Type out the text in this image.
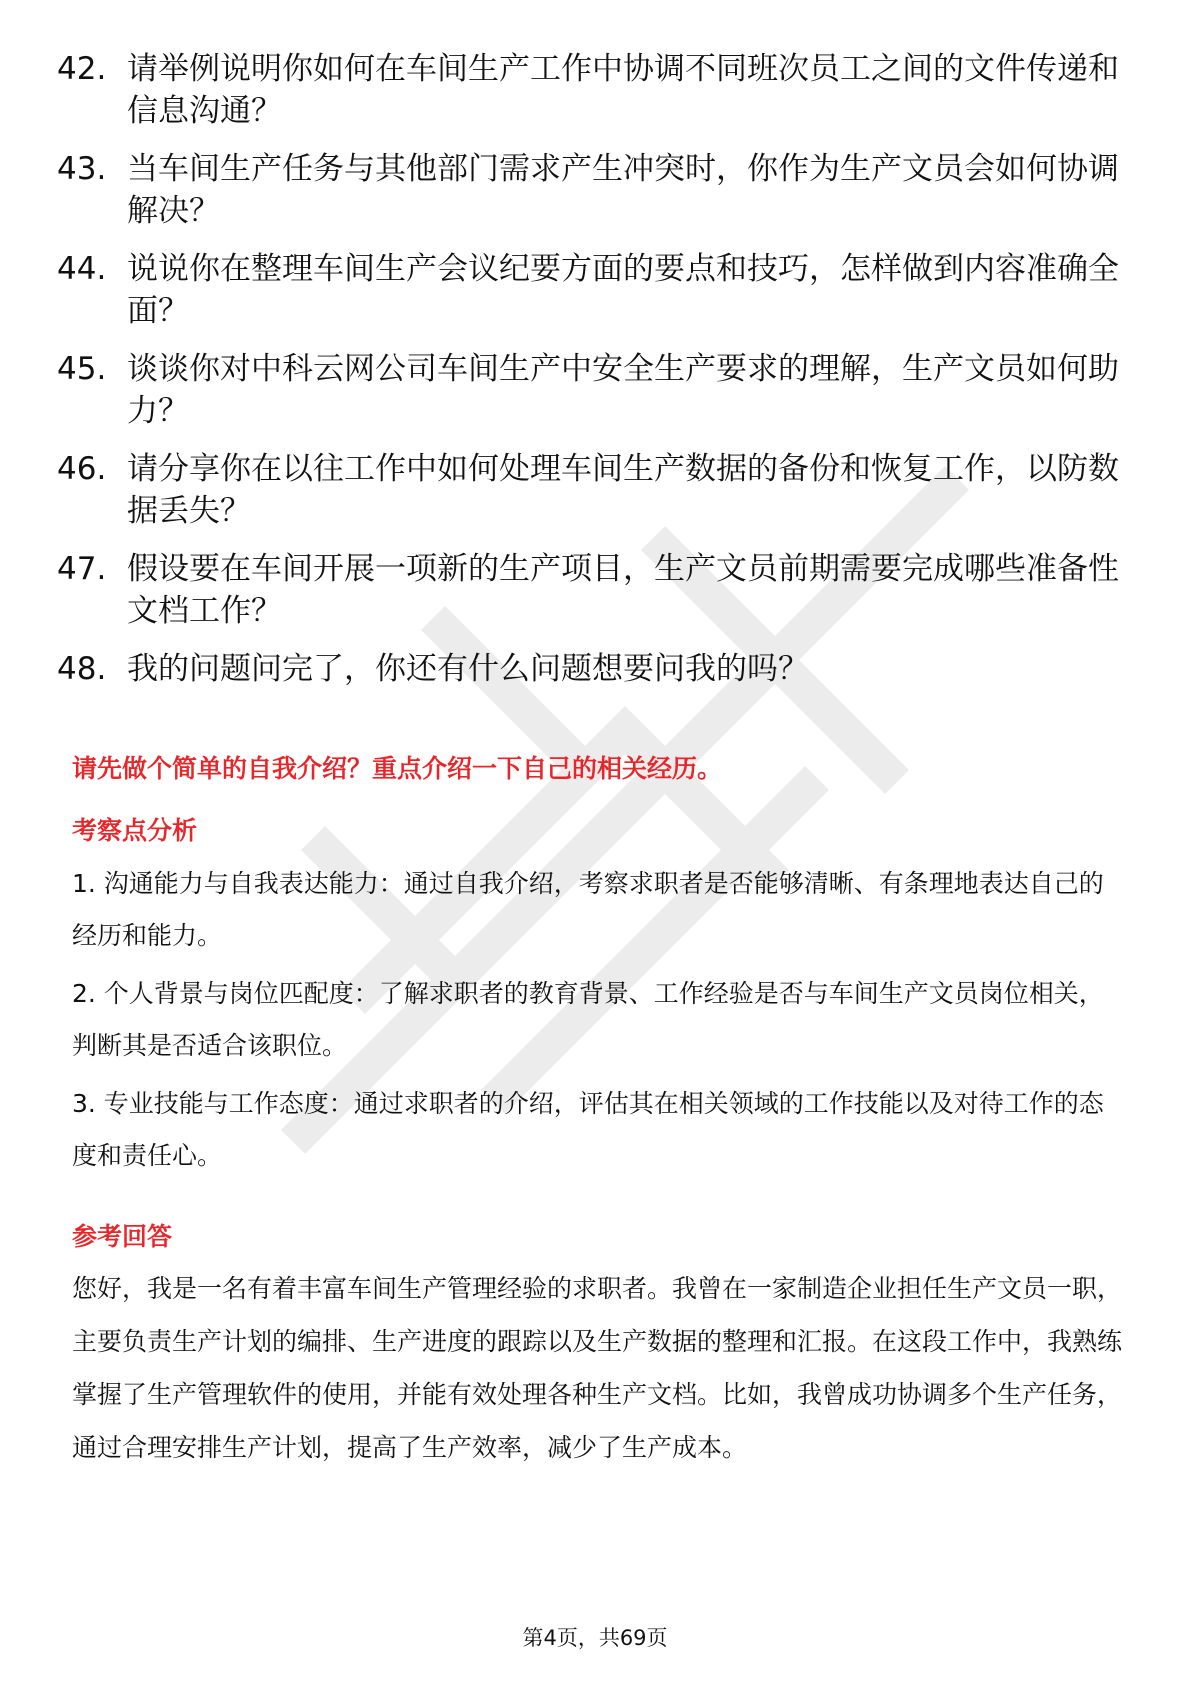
42. 请举例说明你如何在车间生产工作中协调不同班次员工之间的文件传递和信息沟通？
43. 当车间生产任务与其他部门需求产生冲突时，你作为生产文员会如何协调解决？
44. 说说你在整理车间生产会议纪要方面的要点和技巧，怎样做到内容准确全面？
45. 谈谈你对中科云网公司车间生产中安全生产要求的理解，生产文员如何助力？
46. 请分享你在以往工作中如何处理车间生产数据的备份和恢复工作，以防数据丢失？
47. 假设要在车间开展一项新的生产项目，生产文员前期需要完成哪些准备性文档工作？
48. 我的问题问完了，你还有什么问题想要问我的吗？
请先做个简单的自我介绍？重点介绍一下自己的相关经历。
考察点分析

1. 沟通能力与自我表达能力：通过自我介绍，考察求职者是否能够清晰、有条理地表达自己的经历和能力。

2. 个人背景与岗位匹配度：了解求职者的教育背景、工作经验是否与车间生产文员岗位相关，判断其是否适合该职位。

3. 专业技能与工作态度：通过求职者的介绍，评估其在相关领域的工作技能以及对待工作的态度和责任心。

参考回答

您好，我是一名有着丰富车间生产管理经验的求职者。我曾在一家制造企业担任生产文员一职，主要负责生产计划的编排、生产进度的跟踪以及生产数据的整理和汇报。在这段工作中，我熟练掌握了生产管理软件的使用，并能有效处理各种生产文档。比如，我曾成功协调多个生产任务，通过合理安排生产计划，提高了生产效率，减少了生产成本。

第4页，共69页
